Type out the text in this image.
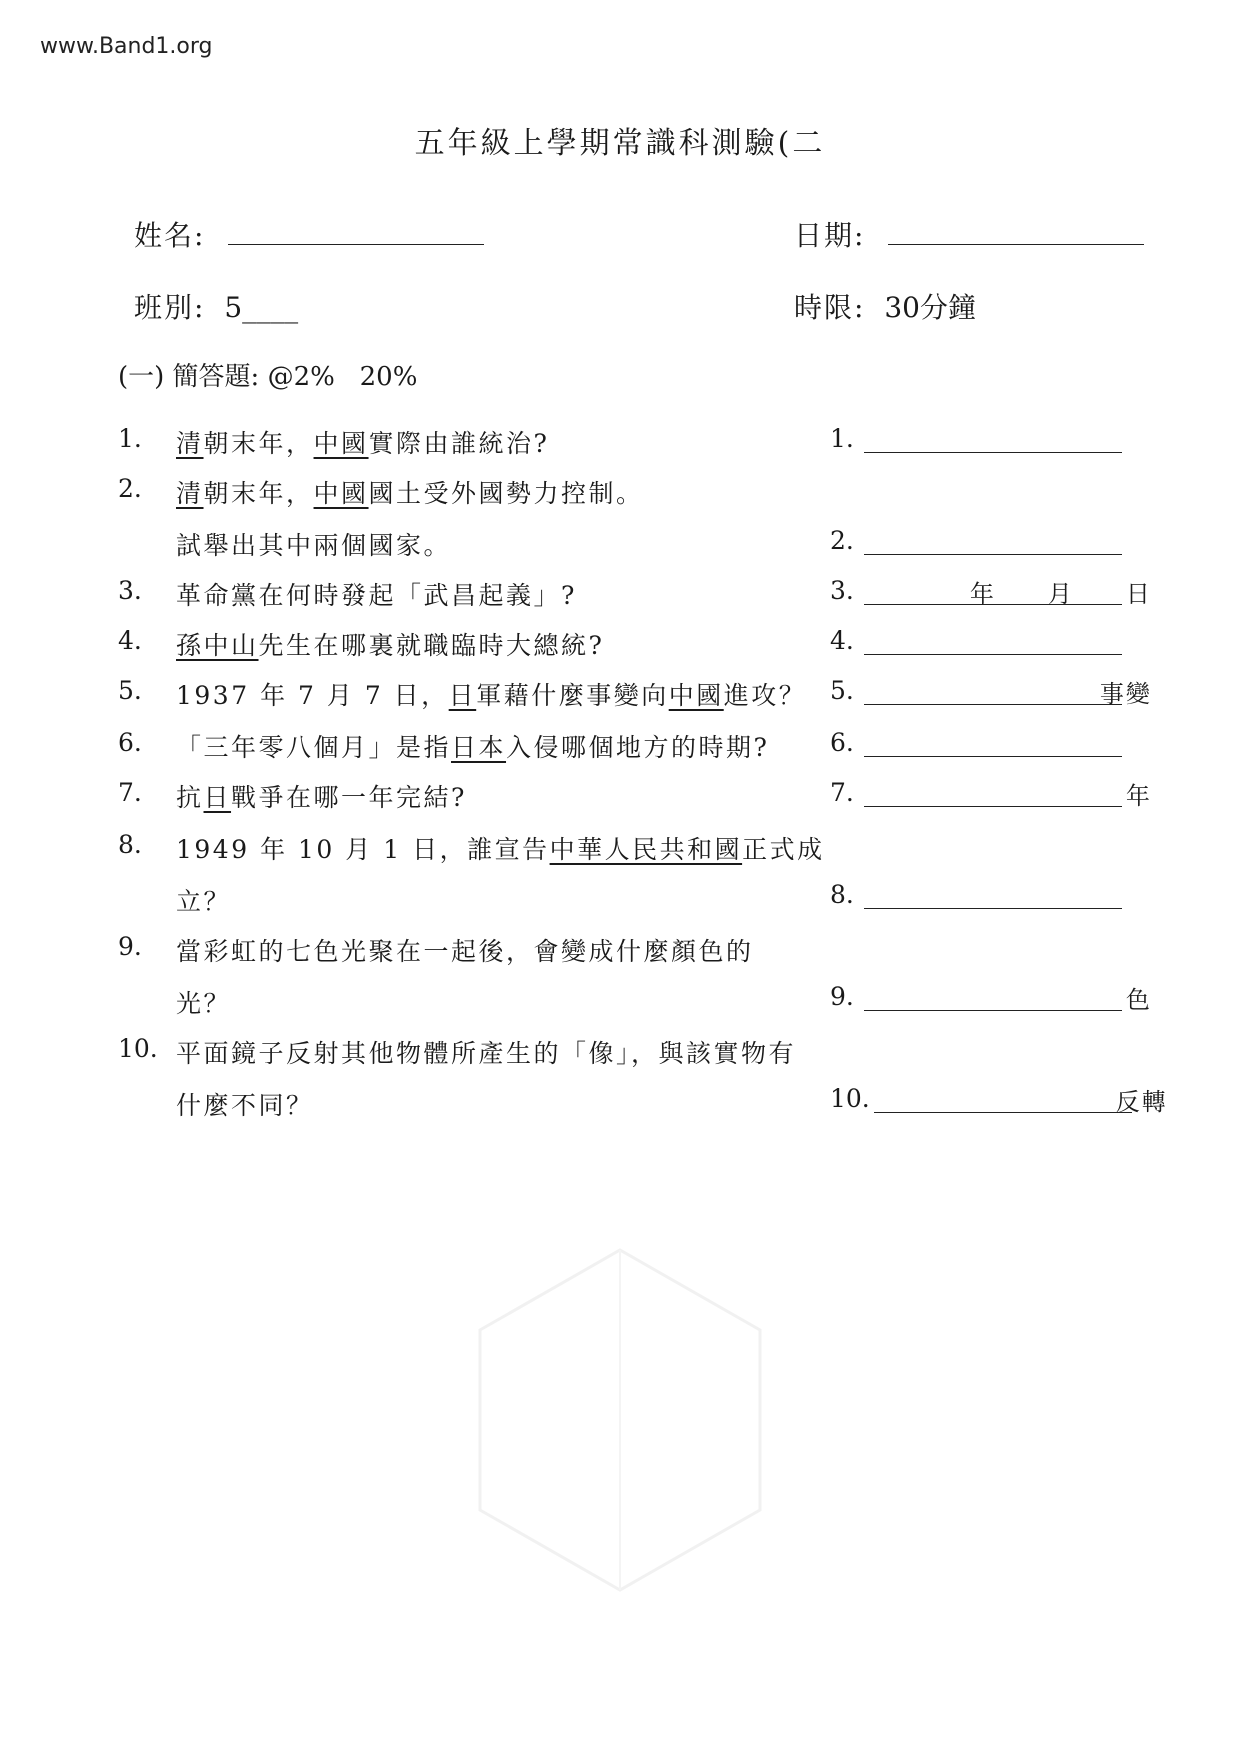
www.Band1.org
五年級上學期常識科測驗(二
姓名:	日期:
班別: 5____	時限: 30分鐘
(一) 簡答題: @2%   20%
1.	清朝末年，中國實際由誰統治?	1.
2.	清朝末年，中國國土受外國勢力控制。
試舉出其中兩個國家。	2.
3.	革命黨在何時發起「武昌起義」?	3.	年　　月　　日
4.	孫中山先生在哪裏就職臨時大總統?	4.
5.	1937 年 7 月 7 日，日軍藉什麼事變向中國進攻？ 5.	事變
6.	「三年零八個月」是指日本入侵哪個地方的時期? 6.
7.	抗日戰爭在哪一年完結?	7.	年
8.	1949 年 10 月 1 日，誰宣告中華人民共和國正式成
立？	8.
9.	當彩虹的七色光聚在一起後，會變成什麼顏色的
光？	9.	色
10. 平面鏡子反射其他物體所產生的「像」，與該實物有
什麼不同？	10.	反轉
